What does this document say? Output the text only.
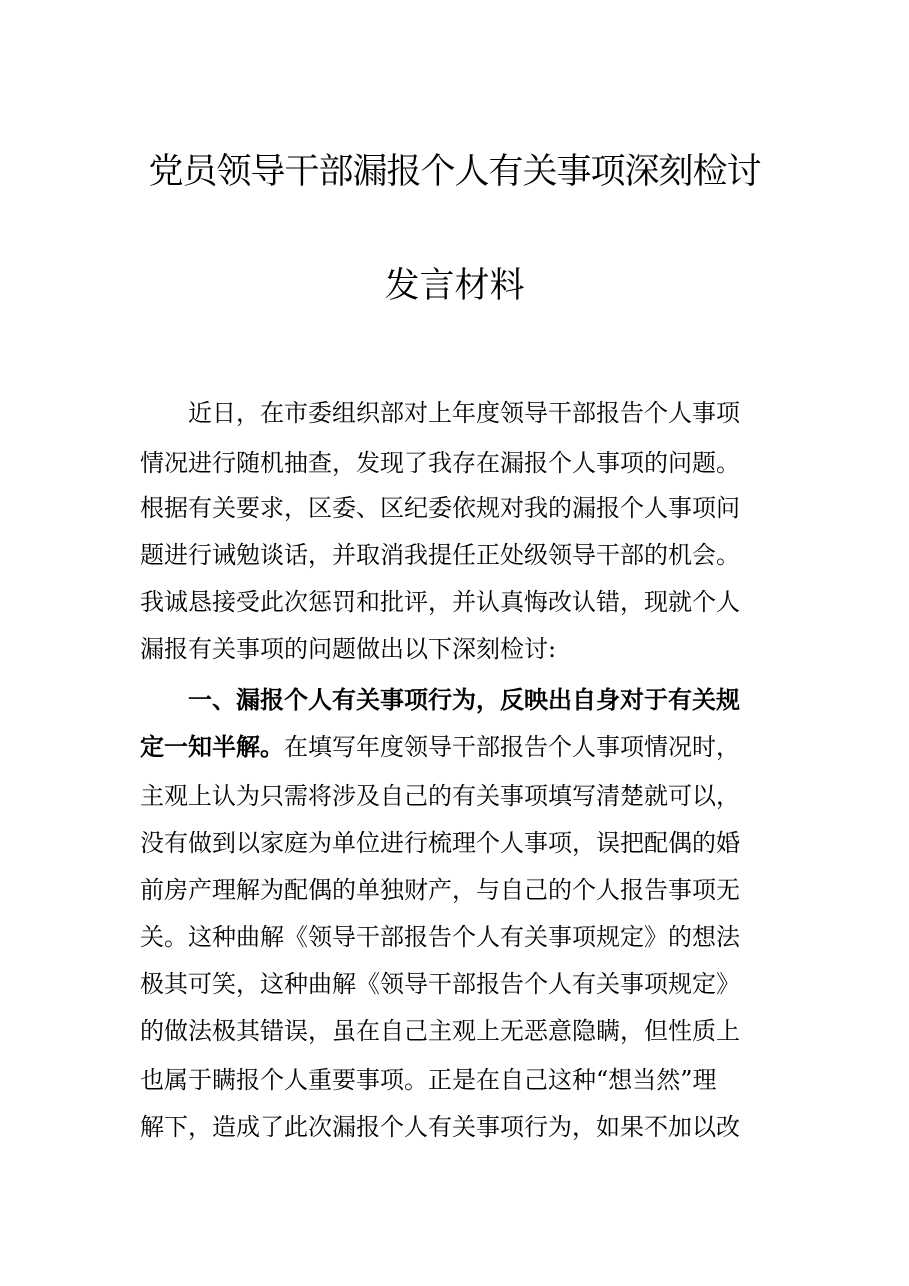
党员领导干部漏报个人有关事项深刻检讨
发言材料
近日，在市委组织部对上年度领导干部报告个人事项
情况进行随机抽查，发现了我存在漏报个人事项的问题。
根据有关要求，区委、区纪委依规对我的漏报个人事项问
题进行诫勉谈话，并取消我提任正处级领导干部的机会。
我诚恳接受此次惩罚和批评，并认真悔改认错，现就个人
漏报有关事项的问题做出以下深刻检讨:
一、漏报个人有关事项行为，反映出自身对于有关规
定一知半解。在填写年度领导干部报告个人事项情况时，
主观上认为只需将涉及自己的有关事项填写清楚就可以，
没有做到以家庭为单位进行梳理个人事项，误把配偶的婚
前房产理解为配偶的单独财产，与自己的个人报告事项无
关。这种曲解《领导干部报告个人有关事项规定》的想法
极其可笑，这种曲解《领导干部报告个人有关事项规定》
的做法极其错误，虽在自己主观上无恶意隐瞒，但性质上
也属于瞒报个人重要事项。正是在自己这种“想当然”理
解下，造成了此次漏报个人有关事项行为，如果不加以改
